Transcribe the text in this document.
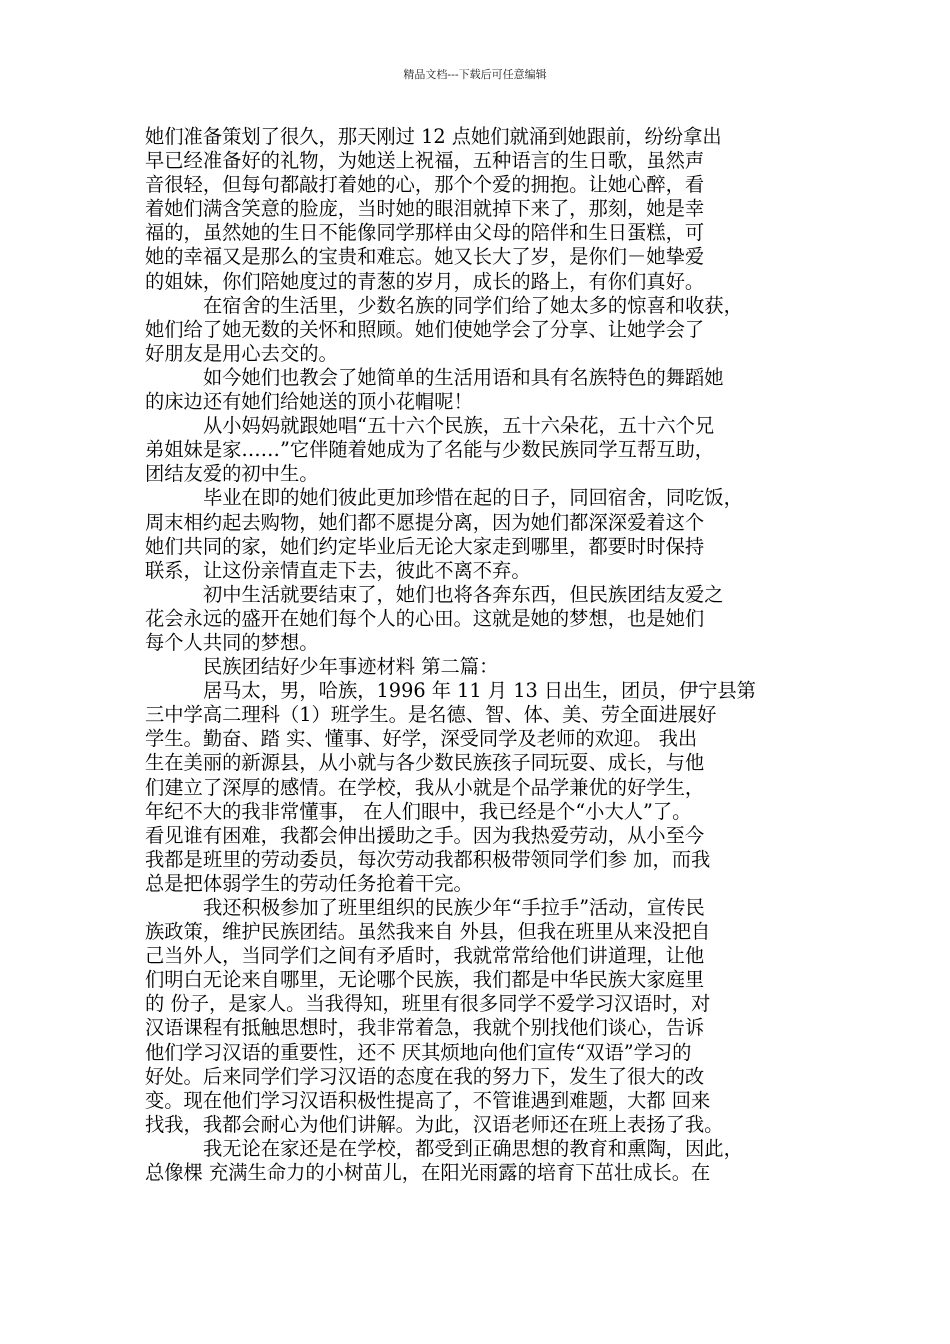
精品文档---下载后可任意编辑
她们准备策划了很久，那天刚过 12 点她们就涌到她跟前，纷纷拿出
早已经准备好的礼物，为她送上祝福，五种语言的生日歌，虽然声
音很轻，但每句都敲打着她的心，那个个爱的拥抱。让她心醉，看
着她们满含笑意的脸庞，当时她的眼泪就掉下来了，那刻，她是幸
福的，虽然她的生日不能像同学那样由父母的陪伴和生日蛋糕，可
她的幸福又是那么的宝贵和难忘。她又长大了岁，是你们－她挚爱
的姐妹，你们陪她度过的青葱的岁月，成长的路上，有你们真好。
在宿舍的生活里，少数名族的同学们给了她太多的惊喜和收获，
她们给了她无数的关怀和照顾。她们使她学会了分享、让她学会了
好朋友是用心去交的。
如今她们也教会了她简单的生活用语和具有名族特色的舞蹈她
的床边还有她们给她送的顶小花帽呢！
从小妈妈就跟她唱“五十六个民族，五十六朵花，五十六个兄
弟姐妹是家……”它伴随着她成为了名能与少数民族同学互帮互助，
团结友爱的初中生。
毕业在即的她们彼此更加珍惜在起的日子，同回宿舍，同吃饭，
周末相约起去购物，她们都不愿提分离，因为她们都深深爱着这个
她们共同的家，她们约定毕业后无论大家走到哪里，都要时时保持
联系，让这份亲情直走下去，彼此不离不弃。
初中生活就要结束了，她们也将各奔东西，但民族团结友爱之
花会永远的盛开在她们每个人的心田。这就是她的梦想，也是她们
每个人共同的梦想。
民族团结好少年事迹材料 第二篇：
居马太，男，哈族，1996 年 11 月 13 日出生，团员，伊宁县第
三中学高二理科（1）班学生。是名德、智、体、美、劳全面进展好
学生。勤奋、踏 实、懂事、好学，深受同学及老师的欢迎。 我出
生在美丽的新源县，从小就与各少数民族孩子同玩耍、成长，与他
们建立了深厚的感情。在学校，我从小就是个品学兼优的好学生，
年纪不大的我非常懂事， 在人们眼中，我已经是个“小大人”了。
看见谁有困难，我都会伸出援助之手。因为我热爱劳动，从小至今
我都是班里的劳动委员，每次劳动我都积极带领同学们参 加，而我
总是把体弱学生的劳动任务抢着干完。
我还积极参加了班里组织的民族少年“手拉手”活动，宣传民
族政策，维护民族团结。虽然我来自 外县，但我在班里从来没把自
己当外人，当同学们之间有矛盾时，我就常常给他们讲道理，让他
们明白无论来自哪里，无论哪个民族，我们都是中华民族大家庭里
的 份子，是家人。当我得知，班里有很多同学不爱学习汉语时，对
汉语课程有抵触思想时，我非常着急，我就个别找他们谈心，告诉
他们学习汉语的重要性，还不 厌其烦地向他们宣传“双语”学习的
好处。后来同学们学习汉语的态度在我的努力下，发生了很大的改
变。现在他们学习汉语积极性提高了，不管谁遇到难题，大都 回来
找我，我都会耐心为他们讲解。为此，汉语老师还在班上表扬了我。
我无论在家还是在学校，都受到正确思想的教育和熏陶，因此，
总像棵 充满生命力的小树苗儿，在阳光雨露的培育下茁壮成长。在
